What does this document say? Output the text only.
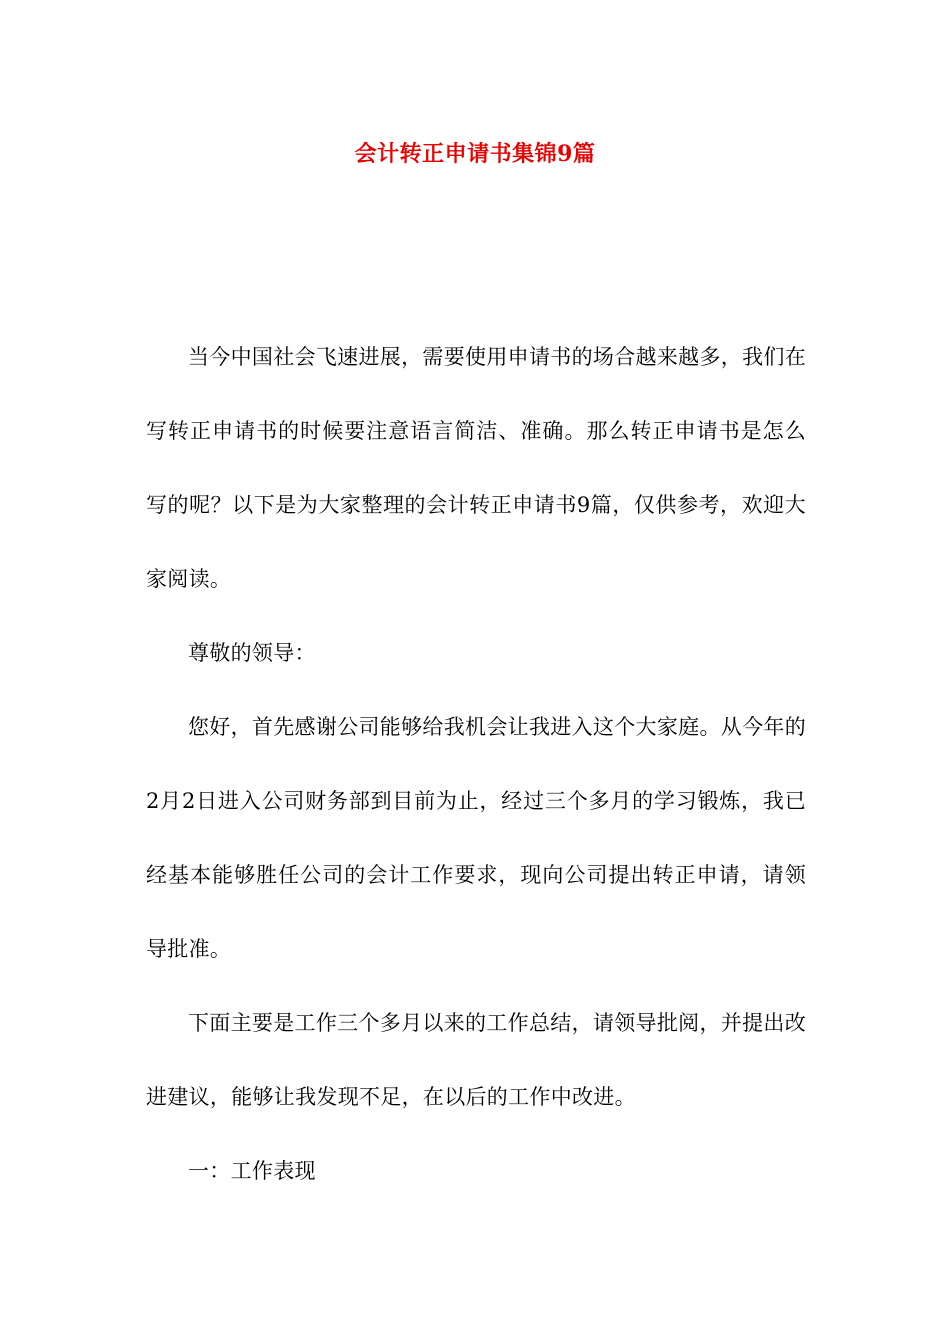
会计转正申请书集锦9篇

当今中国社会飞速进展，需要使用申请书的场合越来越多，我们在写转正申请书的时候要注意语言简洁、准确。那么转正申请书是怎么写的呢？以下是为大家整理的会计转正申请书9篇，仅供参考，欢迎大家阅读。

尊敬的领导：

您好，首先感谢公司能够给我机会让我进入这个大家庭。从今年的2月2日进入公司财务部到目前为止，经过三个多月的学习锻炼，我已经基本能够胜任公司的会计工作要求，现向公司提出转正申请，请领导批准。

下面主要是工作三个多月以来的工作总结，请领导批阅，并提出改进建议，能够让我发现不足，在以后的工作中改进。

一：工作表现
